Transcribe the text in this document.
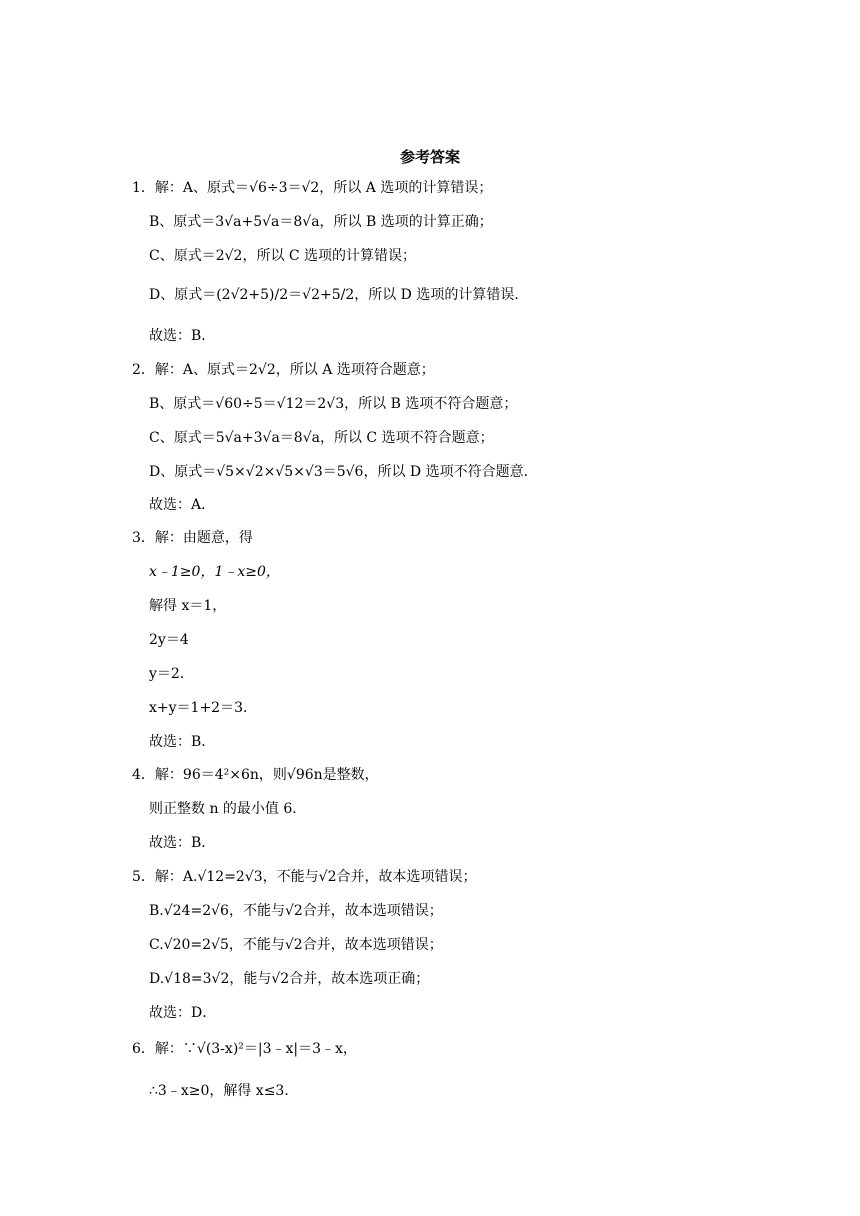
参考答案
1．解：A、原式＝√6÷3＝√2，所以 A 选项的计算错误；
B、原式＝3√a+5√a＝8√a，所以 B 选项的计算正确；
C、原式＝2√2，所以 C 选项的计算错误；
D、原式＝(2√2+5)/2＝√2+5/2，所以 D 选项的计算错误．
故选：B．
2．解：A、原式＝2√2，所以 A 选项符合题意；
B、原式＝√60÷5＝√12＝2√3，所以 B 选项不符合题意；
C、原式＝5√a+3√a＝8√a，所以 C 选项不符合题意；
D、原式＝√5×√2×√5×√3＝5√6，所以 D 选项不符合题意．
故选：A．
3．解：由题意，得
x﹣1≥0，1﹣x≥0，
解得 x＝1，
2y＝4
y＝2．
x+y＝1+2＝3．
故选：B．
4．解：96＝4²×6n，则√96n是整数，
则正整数 n 的最小值 6．
故选：B．
5．解：A.√12=2√3，不能与√2合并，故本选项错误；
B.√24=2√6，不能与√2合并，故本选项错误；
C.√20=2√5，不能与√2合并，故本选项错误；
D.√18=3√2，能与√2合并，故本选项正确；
故选：D．
6．解：∵√(3-x)²＝|3﹣x|＝3﹣x，
∴3﹣x≥0，解得 x≤3．
